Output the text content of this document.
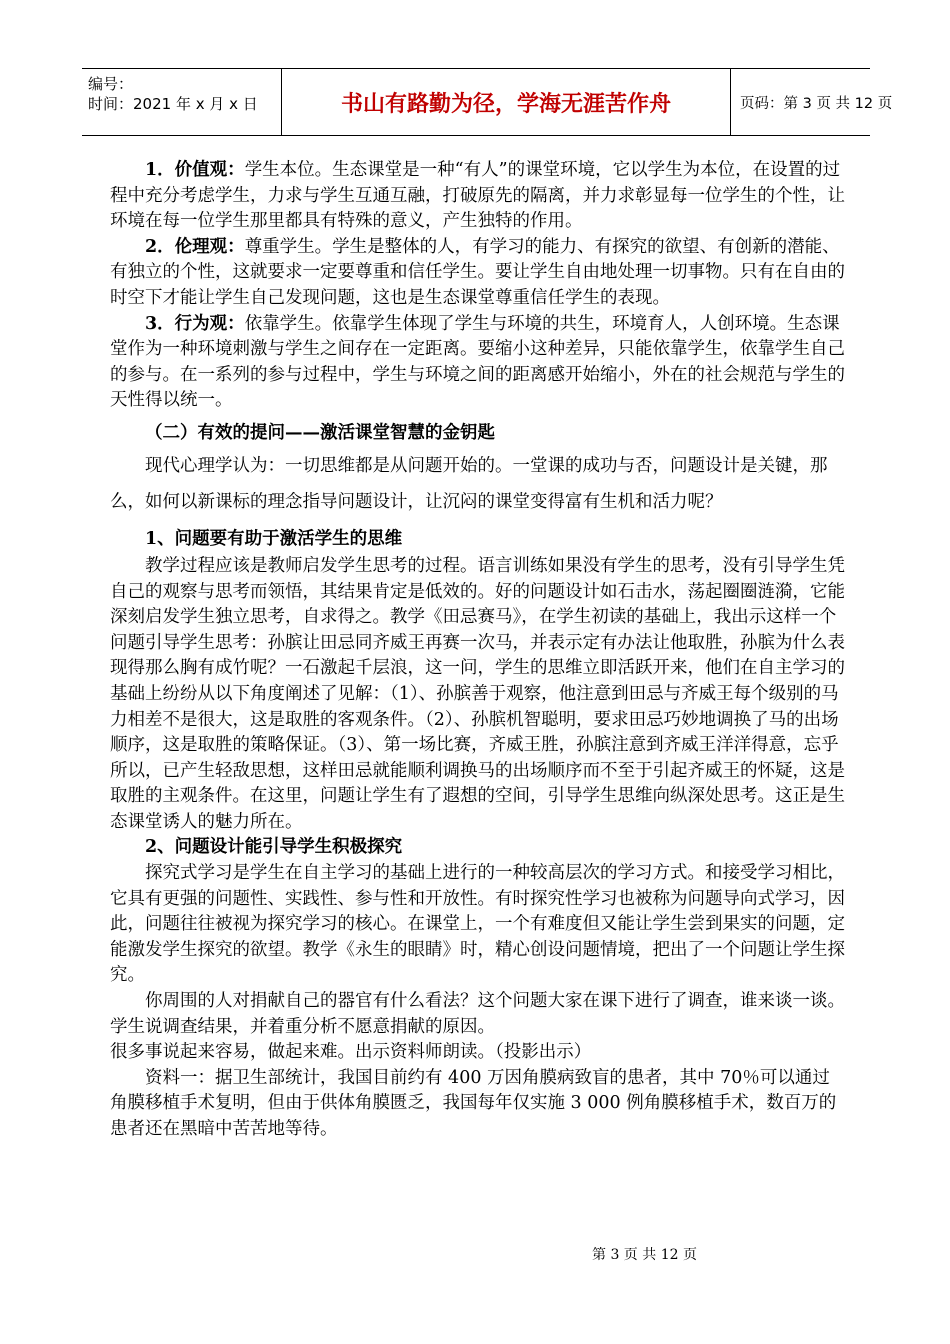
编号：
时间：2021 年 x 月 x 日	书山有路勤为径，学海无涯苦作舟	页码：第 3 页 共 12 页

1．价值观：学生本位。生态课堂是一种“有人”的课堂环境，它以学生为本位，在设置的过程中充分考虑学生，力求与学生互通互融，打破原先的隔离，并力求彰显每一位学生的个性，让环境在每一位学生那里都具有特殊的意义，产生独特的作用。

2．伦理观：尊重学生。学生是整体的人，有学习的能力、有探究的欲望、有创新的潜能、有独立的个性，这就要求一定要尊重和信任学生。要让学生自由地处理一切事物。只有在自由的时空下才能让学生自己发现问题，这也是生态课堂尊重信任学生的表现。

3．行为观：依靠学生。依靠学生体现了学生与环境的共生，环境育人，人创环境。生态课堂作为一种环境刺激与学生之间存在一定距离。要缩小这种差异，只能依靠学生，依靠学生自己的参与。在一系列的参与过程中，学生与环境之间的距离感开始缩小，外在的社会规范与学生的天性得以统一。

（二）有效的提问——激活课堂智慧的金钥匙

现代心理学认为：一切思维都是从问题开始的。一堂课的成功与否，问题设计是关键，那么，如何以新课标的理念指导问题设计，让沉闷的课堂变得富有生机和活力呢？

1、问题要有助于激活学生的思维

教学过程应该是教师启发学生思考的过程。语言训练如果没有学生的思考，没有引导学生凭自己的观察与思考而领悟，其结果肯定是低效的。好的问题设计如石击水，荡起圈圈涟漪，它能深刻启发学生独立思考，自求得之。教学《田忌赛马》，在学生初读的基础上，我出示这样一个问题引导学生思考：孙膑让田忌同齐威王再赛一次马，并表示定有办法让他取胜，孙膑为什么表现得那么胸有成竹呢？一石激起千层浪，这一问，学生的思维立即活跃开来，他们在自主学习的基础上纷纷从以下角度阐述了见解：（1）、孙膑善于观察，他注意到田忌与齐威王每个级别的马力相差不是很大，这是取胜的客观条件。（2）、孙膑机智聪明，要求田忌巧妙地调换了马的出场顺序，这是取胜的策略保证。（3）、第一场比赛，齐威王胜，孙膑注意到齐威王洋洋得意，忘乎所以，已产生轻敌思想，这样田忌就能顺利调换马的出场顺序而不至于引起齐威王的怀疑，这是取胜的主观条件。在这里，问题让学生有了遐想的空间，引导学生思维向纵深处思考。这正是生态课堂诱人的魅力所在。

2、问题设计能引导学生积极探究

探究式学习是学生在自主学习的基础上进行的一种较高层次的学习方式。和接受学习相比，它具有更强的问题性、实践性、参与性和开放性。有时探究性学习也被称为问题导向式学习，因此，问题往往被视为探究学习的核心。在课堂上，一个有难度但又能让学生尝到果实的问题，定能激发学生探究的欲望。教学《永生的眼睛》时，精心创设问题情境，把出了一个问题让学生探究。

你周围的人对捐献自己的器官有什么看法？这个问题大家在课下进行了调查，谁来谈一谈。学生说调查结果，并着重分析不愿意捐献的原因。

很多事说起来容易，做起来难。出示资料师朗读。（投影出示）

资料一：据卫生部统计，我国目前约有 400 万因角膜病致盲的患者，其中 70％可以通过角膜移植手术复明，但由于供体角膜匮乏，我国每年仅实施 3 000 例角膜移植手术，数百万的患者还在黑暗中苦苦地等待。

第 3 页 共 12 页
